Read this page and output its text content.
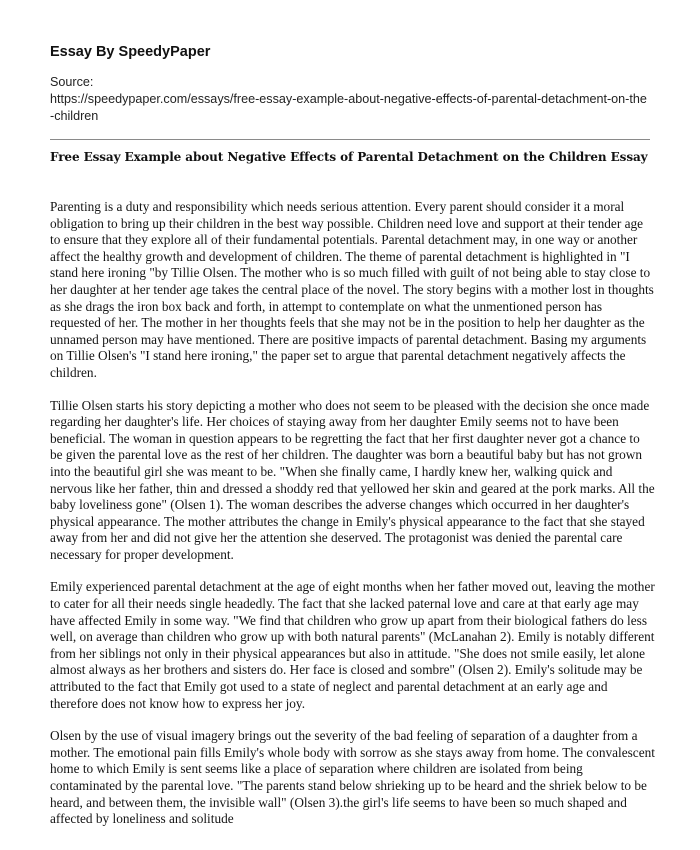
Essay By SpeedyPaper
Source:
https://speedypaper.com/essays/free-essay-example-about-negative-effects-of-parental-detachment-on-the-children
Free Essay Example about Negative Effects of Parental Detachment on the Children Essay

Parenting is a duty and responsibility which needs serious attention. Every parent should consider it a moral obligation to bring up their children in the best way possible. Children need love and support at their tender age to ensure that they explore all of their fundamental potentials. Parental detachment may, in one way or another affect the healthy growth and development of children. The theme of parental detachment is highlighted in "I stand here ironing "by Tillie Olsen. The mother who is so much filled with guilt of not being able to stay close to her daughter at her tender age takes the central place of the novel. The story begins with a mother lost in thoughts as she drags the iron box back and forth, in attempt to contemplate on what the unmentioned person has requested of her. The mother in her thoughts feels that she may not be in the position to help her daughter as the unnamed person may have mentioned. There are positive impacts of parental detachment. Basing my arguments on Tillie Olsen's "I stand here ironing," the paper set to argue that parental detachment negatively affects the children.

Tillie Olsen starts his story depicting a mother who does not seem to be pleased with the decision she once made regarding her daughter's life. Her choices of staying away from her daughter Emily seems not to have been beneficial. The woman in question appears to be regretting the fact that her first daughter never got a chance to be given the parental love as the rest of her children. The daughter was born a beautiful baby but has not grown into the beautiful girl she was meant to be. "When she finally came, I hardly knew her, walking quick and nervous like her father, thin and dressed a shoddy red that yellowed her skin and geared at the pork marks. All the baby loveliness gone" (Olsen 1). The woman describes the adverse changes which occurred in her daughter's physical appearance. The mother attributes the change in Emily's physical appearance to the fact that she stayed away from her and did not give her the attention she deserved. The protagonist was denied the parental care necessary for proper development.

Emily experienced parental detachment at the age of eight months when her father moved out, leaving the mother to cater for all their needs single headedly. The fact that she lacked paternal love and care at that early age may have affected Emily in some way. "We find that children who grow up apart from their biological fathers do less well, on average than children who grow up with both natural parents" (McLanahan 2). Emily is notably different from her siblings not only in their physical appearances but also in attitude. "She does not smile easily, let alone almost always as her brothers and sisters do. Her face is closed and sombre" (Olsen 2). Emily's solitude may be attributed to the fact that Emily got used to a state of neglect and parental detachment at an early age and therefore does not know how to express her joy.

Olsen by the use of visual imagery brings out the severity of the bad feeling of separation of a daughter from a mother. The emotional pain fills Emily's whole body with sorrow as she stays away from home. The convalescent home to which Emily is sent seems like a place of separation where children are isolated from being contaminated by the parental love. "The parents stand below shrieking up to be heard and the shriek below to be heard, and between them, the invisible wall" (Olsen 3).the girl's life seems to have been so much shaped and affected by loneliness and solitude
